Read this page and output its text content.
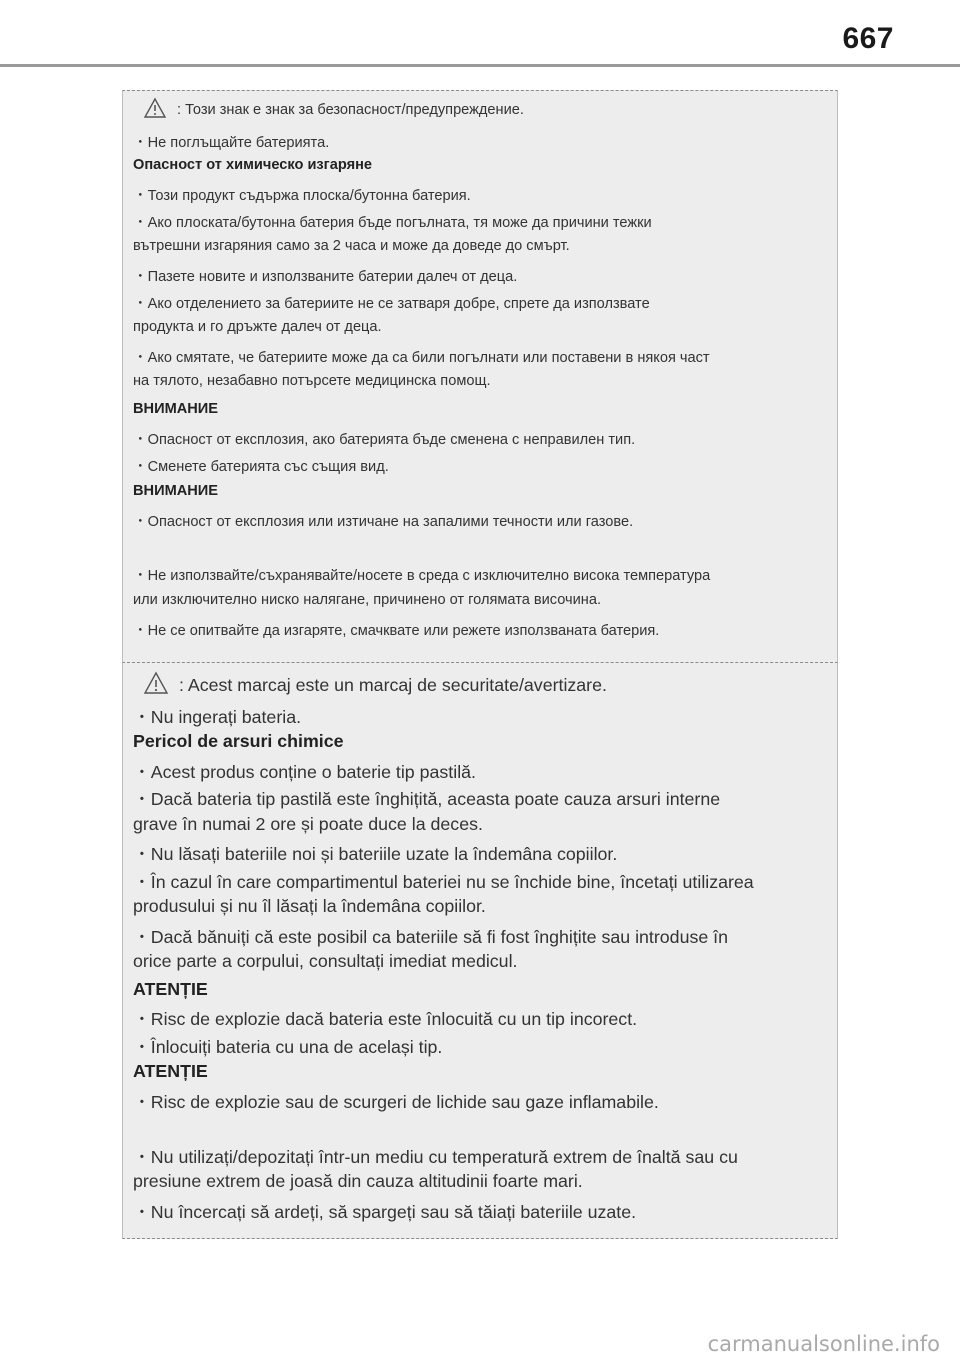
667
: Този знак е знак за безопасност/предупреждение.
・Не поглъщайте батерията.
Опасност от химическо изгаряне
・Този продукт съдържа плоска/бутонна батерия.
・Ако плоската/бутонна батерия бъде погълната, тя може да причини тежки
вътрешни изгаряния само за 2 часа и може да доведе до смърт.
・Пазете новите и използваните батерии далеч от деца.
・Ако отделението за батериите не се затваря добре, спрете да използвате
продукта и го дръжте далеч от деца.
・Ако смятате, че батериите може да са били погълнати или поставени в някоя част
на тялото, незабавно потърсете медицинска помощ.
ВНИМАНИЕ
・Опасност от експлозия, ако батерията бъде сменена с неправилен тип.
・Сменете батерията със същия вид.
ВНИМАНИЕ
・Опасност от експлозия или изтичане на запалими течности или газове.
・Не използвайте/съхранявайте/носете в среда с изключително висока температура
или изключително ниско налягане, причинено от голямата височина.
・Не се опитвайте да изгаряте, смачквате или режете използваната батерия.
: Acest marcaj este un marcaj de securitate/avertizare.
・Nu ingerați bateria.
Pericol de arsuri chimice
・Acest produs conține o baterie tip pastilă.
・Dacă bateria tip pastilă este înghițită, aceasta poate cauza arsuri interne
grave în numai 2 ore și poate duce la deces.
・Nu lăsați bateriile noi și bateriile uzate la îndemâna copiilor.
・În cazul în care compartimentul bateriei nu se închide bine, încetați utilizarea
produsului și nu îl lăsați la îndemâna copiilor.
・Dacă bănuiți că este posibil ca bateriile să fi fost înghițite sau introduse în
orice parte a corpului, consultați imediat medicul.
ATENȚIE
・Risc de explozie dacă bateria este înlocuită cu un tip incorect.
・Înlocuiți bateria cu una de același tip.
ATENȚIE
・Risc de explozie sau de scurgeri de lichide sau gaze inflamabile.
・Nu utilizați/depozitați într-un mediu cu temperatură extrem de înaltă sau cu
presiune extrem de joasă din cauza altitudinii foarte mari.
・Nu încercați să ardeți, să spargeți sau să tăiați bateriile uzate.
carmanualsonline.info
